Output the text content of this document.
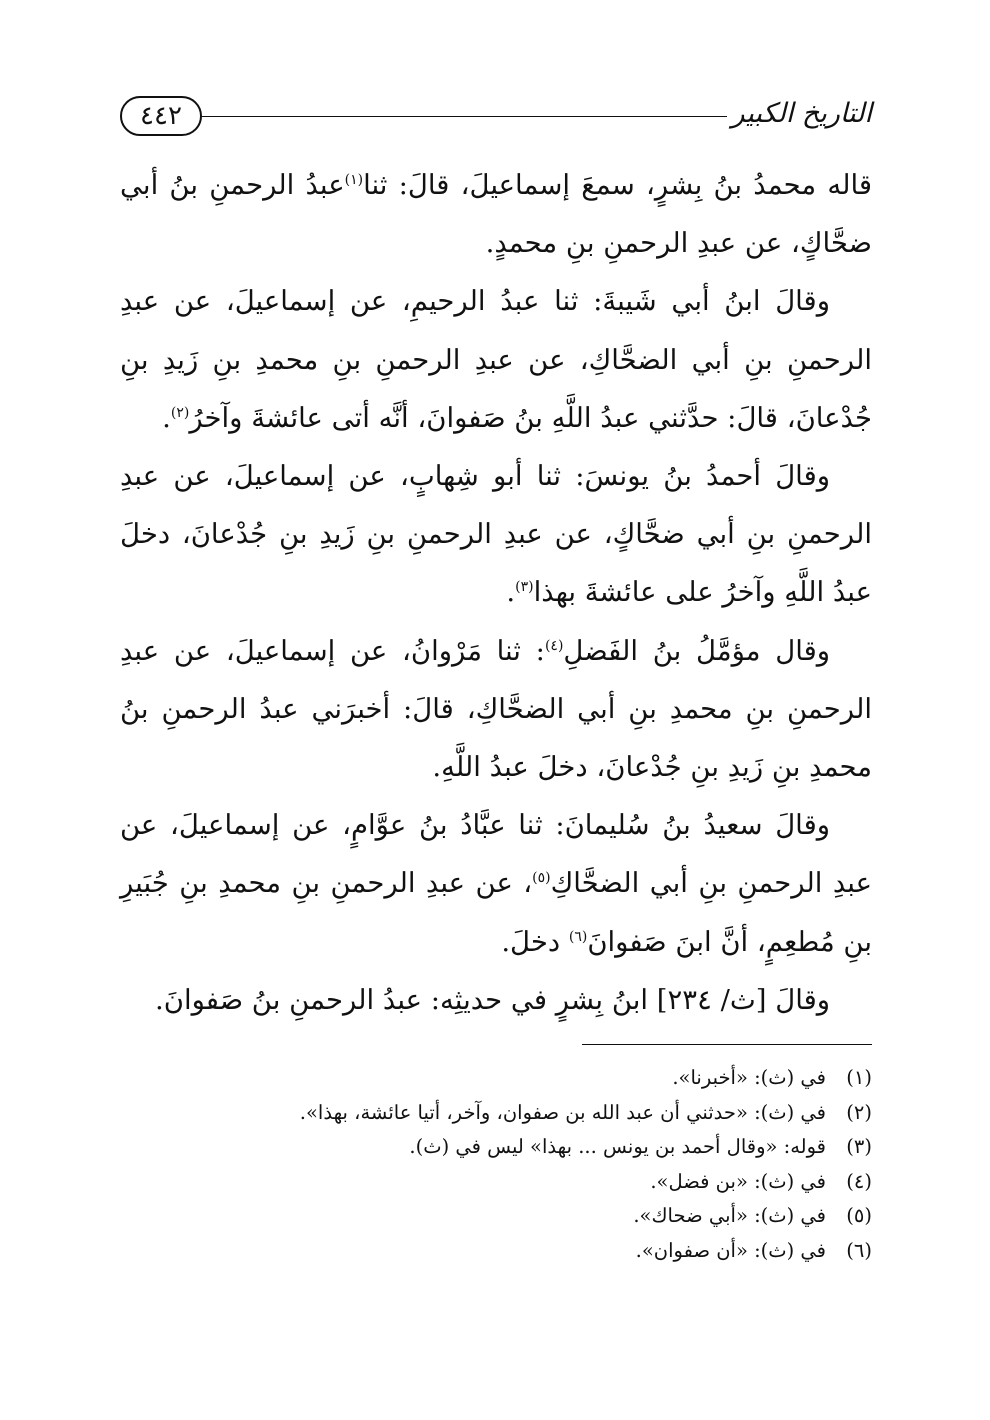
٤٤٢	التاريخ الكبير

قاله محمدُ بنُ بِشرٍ، سمعَ إسماعيلَ، قالَ: ثنا$^{(١)}$عبدُ الرحمنِ بنُ أبي ضحَّاكٍ، عن عبدِ الرحمنِ بنِ محمدٍ.

وقالَ ابنُ أبي شَيبةَ: ثنا عبدُ الرحيمِ، عن إسماعيلَ، عن عبدِ الرحمنِ بنِ أبي الضحَّاكِ، عن عبدِ الرحمنِ بنِ محمدِ بنِ زَيدِ بنِ جُدْعانَ، قالَ: حدَّثني عبدُ اللَّهِ بنُ صَفوانَ، أنَّه أتى عائشةَ وآخرُ$^{(٢)}$.

وقالَ أحمدُ بنُ يونسَ: ثنا أبو شِهابٍ، عن إسماعيلَ، عن عبدِ الرحمنِ بنِ أبي ضحَّاكٍ، عن عبدِ الرحمنِ بنِ زَيدِ بنِ جُدْعانَ، دخلَ عبدُ اللَّهِ وآخرُ على عائشةَ بهذا$^{(٣)}$.

وقال مؤمَّلُ بنُ الفَضلِ$^{(٤)}$: ثنا مَرْوانُ، عن إسماعيلَ، عن عبدِ الرحمنِ بنِ محمدِ بنِ أبي الضحَّاكِ، قالَ: أخبرَني عبدُ الرحمنِ بنُ محمدِ بنِ زَيدِ بنِ جُدْعانَ، دخلَ عبدُ اللَّهِ.

وقالَ سعيدُ بنُ سُليمانَ: ثنا عبَّادُ بنُ عوَّامٍ، عن إسماعيلَ، عن عبدِ الرحمنِ بنِ أبي الضحَّاكِ$^{(٥)}$، عن عبدِ الرحمنِ بنِ محمدِ بنِ جُبَيرِ بنِ مُطعِمٍ، أنَّ ابنَ صَفوانَ$^{(٦)}$ دخلَ.

وقالَ [ث/ ٢٣٤] ابنُ بِشرٍ في حديثِه: عبدُ الرحمنِ بنُ صَفوانَ.

(١)
في (ث): «أخبرنا».
(٢)
في (ث): «حدثني أن عبد الله بن صفوان، وآخر، أتيا عائشة، بهذا».
(٣)
قوله: «وقال أحمد بن يونس ... بهذا» ليس في (ث).
(٤)
في (ث): «بن فضل».
(٥)
في (ث): «أبي ضحاك».
(٦)
في (ث): «أن صفوان».
